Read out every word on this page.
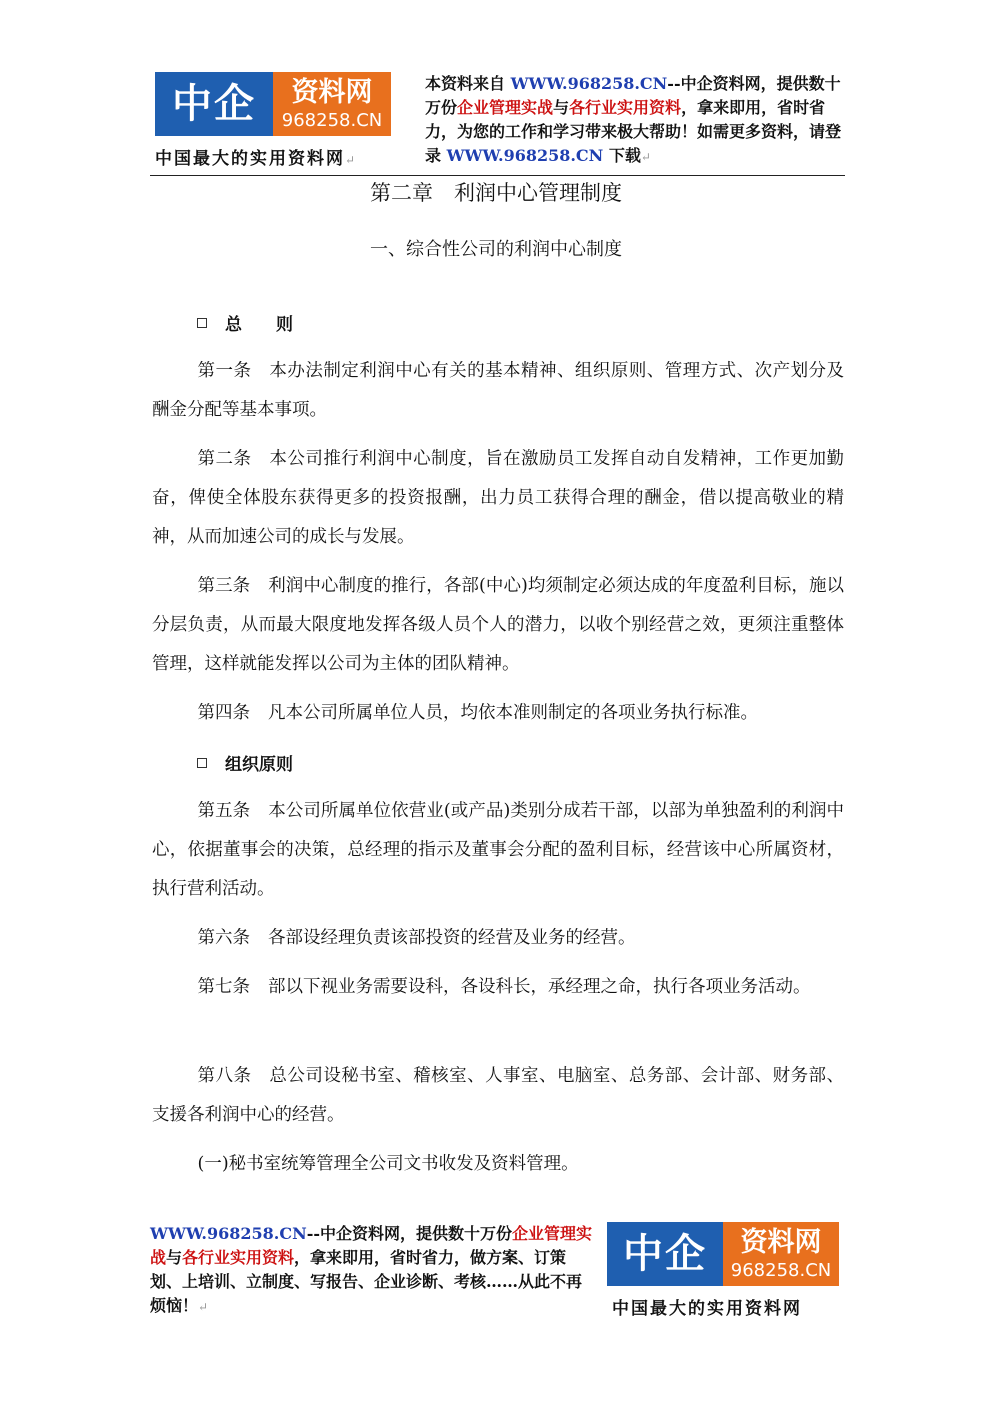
中企	资料网
968258.CN
中国最大的实用资料网↵
本资料来自 WWW.968258.CN--中企资料网，提供数十万份企业管理实战与各行业实用资料，拿来即用，省时省力，为您的工作和学习带来极大帮助！如需更多资料，请登录 WWW.968258.CN 下载↵
第二章　利润中心管理制度
一、综合性公司的利润中心制度
总　　则
第一条 本办法制定利润中心有关的基本精神、组织原则、管理方式、次产划分及酬金分配等基本事项。
第二条 本公司推行利润中心制度，旨在激励员工发挥自动自发精神，工作更加勤奋，俾使全体股东获得更多的投资报酬，出力员工获得合理的酬金，借以提高敬业的精神，从而加速公司的成长与发展。
第三条 利润中心制度的推行，各部(中心)均须制定必须达成的年度盈利目标，施以分层负责，从而最大限度地发挥各级人员个人的潜力，以收个别经营之效，更须注重整体管理，这样就能发挥以公司为主体的团队精神。
第四条 凡本公司所属单位人员，均依本准则制定的各项业务执行标准。
组织原则
第五条 本公司所属单位依营业(或产品)类别分成若干部，以部为单独盈利的利润中心，依据董事会的决策，总经理的指示及董事会分配的盈利目标，经营该中心所属资材，执行营利活动。
第六条 各部设经理负责该部投资的经营及业务的经营。
第七条 部以下视业务需要设科，各设科长，承经理之命，执行各项业务活动。
第八条 总公司设秘书室、稽核室、人事室、电脑室、总务部、会计部、财务部、支援各利润中心的经营。
(一)秘书室统筹管理全公司文书收发及资料管理。
WWW.968258.CN--中企资料网，提供数十万份企业管理实战与各行业实用资料，拿来即用，省时省力，做方案、订策划、上培训、立制度、写报告、企业诊断、考核……从此不再烦恼！↵
中企	资料网
968258.CN
中国最大的实用资料网
